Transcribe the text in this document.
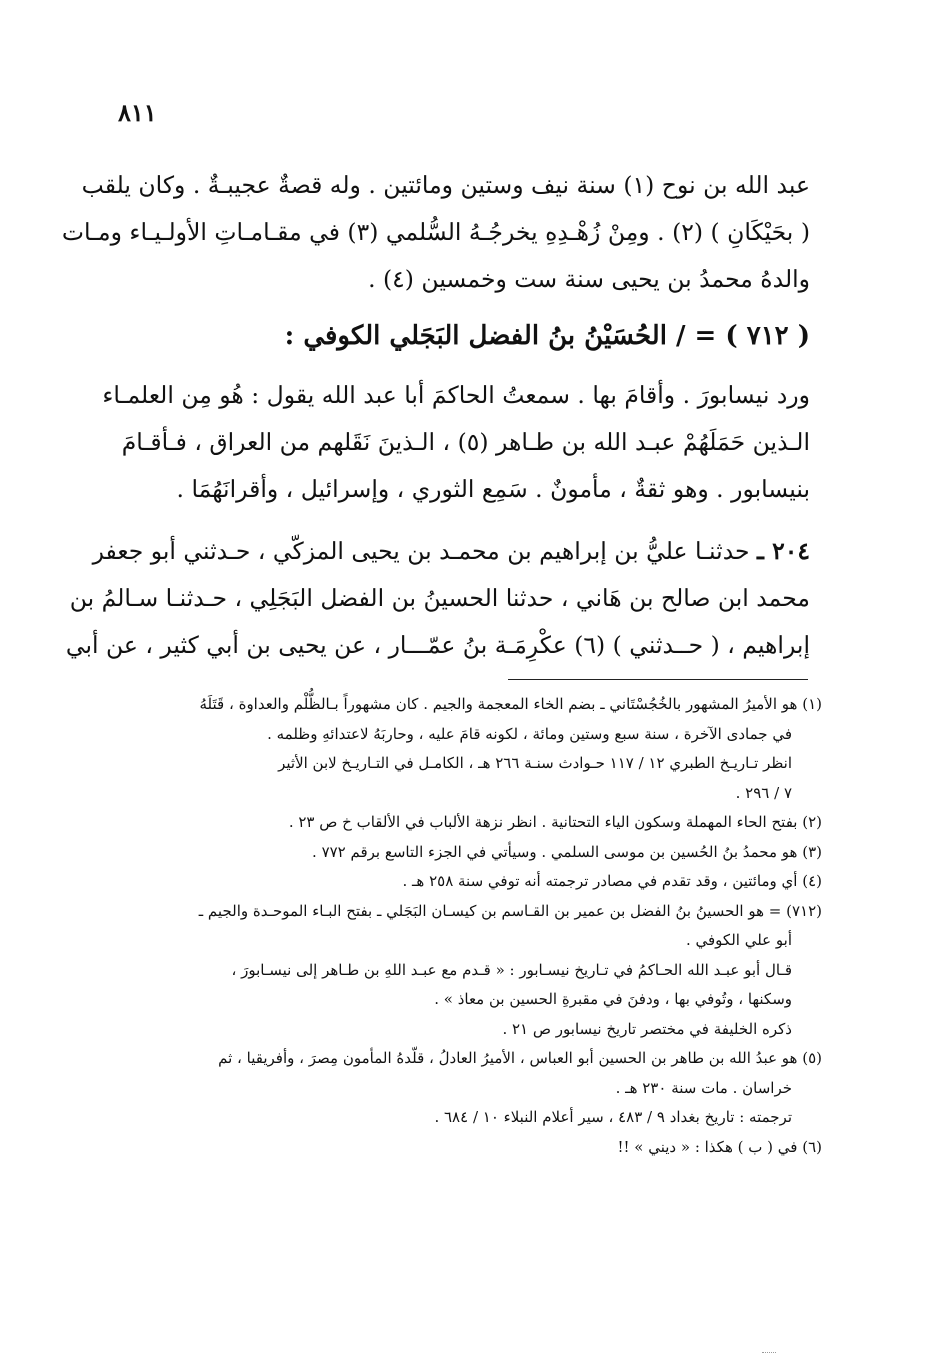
٨١١
عبد الله بن نوح (١) سنة نيف وستين ومائتين . وله قصةٌ عجيبـةٌ . وكان يلقب
( بحَيْكَانِ ) (٢) . ومِنْ زُهْـدِهِ يخرجُـهُ السُّلمي (٣) في مقـامـاتِ الأولـيـاء ومـات
والدهُ محمدُ بن يحيى سنة ست وخمسين (٤) .
( ٧١٢ ) = / الحُسَيْنُ بنُ الفضل البَجَلي الكوفي :
ورد نيسابورَ . وأقامَ بها . سمعتُ الحاكمَ أبا عبد الله يقول : هُو مِن العلمـاء
الـذين حَمَلَهُمْ عبـد الله بن طـاهر (٥) ، الـذينَ نَقَلهم من العراق ، فـأقـامَ
بنيسابور . وهو ثقةٌ ، مأمونٌ . سَمِع الثوري ، وإسرائيل ، وأقرانَهُمَا .
٢٠٤ ـ حدثنـا عليُّ بن إبراهيم بن محمـد بن يحيى المزكّي ، حـدثني أبو جعفر
محمد ابن صالح بن هَاني ، حدثنا الحسينُ بن الفضل البَجَلِي ، حـدثنـا سـالمُ بن
إبراهيم ، ( حــدثني ) (٦) عكْرِمَـة بنُ عمّـــار ، عن يحيى بن أبي كثير ، عن أبي
(١) هو الأميرُ المشهور بالخُجُسْتَاني ـ بضم الخاء المعجمة والجيم . كان مشهوراً بـالظُّلْم والعداوة ، قَتَلَهُ
في جمادى الآخرة ، سنة سبع وستين ومائة ، لكونه قامَ عليه ، وحاربَهُ لاعتدائهِ وظلمه .
انظر تـاريـخ الطبري ١٢ / ١١٧ حـوادث سنـة ٢٦٦ هـ ، الكامـل في التـاريـخ لابن الأثير
٧ / ٢٩٦ .
(٢) بفتح الحاء المهملة وسكون الياء التحتانية . انظر نزهة الألباب في الألقاب خ ص ٢٣ .
(٣) هو محمدُ بنُ الحُسين بن موسى السلمي . وسيأتي في الجزء التاسع برقم ٧٧٢ .
(٤) أي ومائتين ، وقد تقدم في مصادر ترجمته أنه توفي سنة ٢٥٨ هـ .
(٧١٢) = هو الحسينُ بنُ الفضل بن عمير بن القـاسم بن كيسـان البَجَلي ـ بفتح البـاء الموحـدة والجيم ـ
أبو علي الكوفي .
قـال أبو عبـد الله الحـاكمُ في تـاريخ نيسـابور : « قـدم مع عبـد اللهِ بن طـاهر إلى نيسـابورَ ،
وسكنها ، وتُوفي بها ، ودفنَ في مقبرةِ الحسين بن معاذ » .
ذكره الخليفة في مختصر تاريخ نيسابور ص ٢١ .
(٥) هو عبدُ الله بن طاهر بن الحسين أبو العباس ، الأميرُ العادلُ ، قلّدهُ المأمون مِصرَ ، وأفريقيا ، ثم
خراسان . مات سنة ٢٣٠ هـ .
ترجمته : تاريخ بغداد ٩ / ٤٨٣ ، سير أعلام النبلاء ١٠ / ٦٨٤ .
(٦) في ( ب ) هكذا : « ديني » !!
